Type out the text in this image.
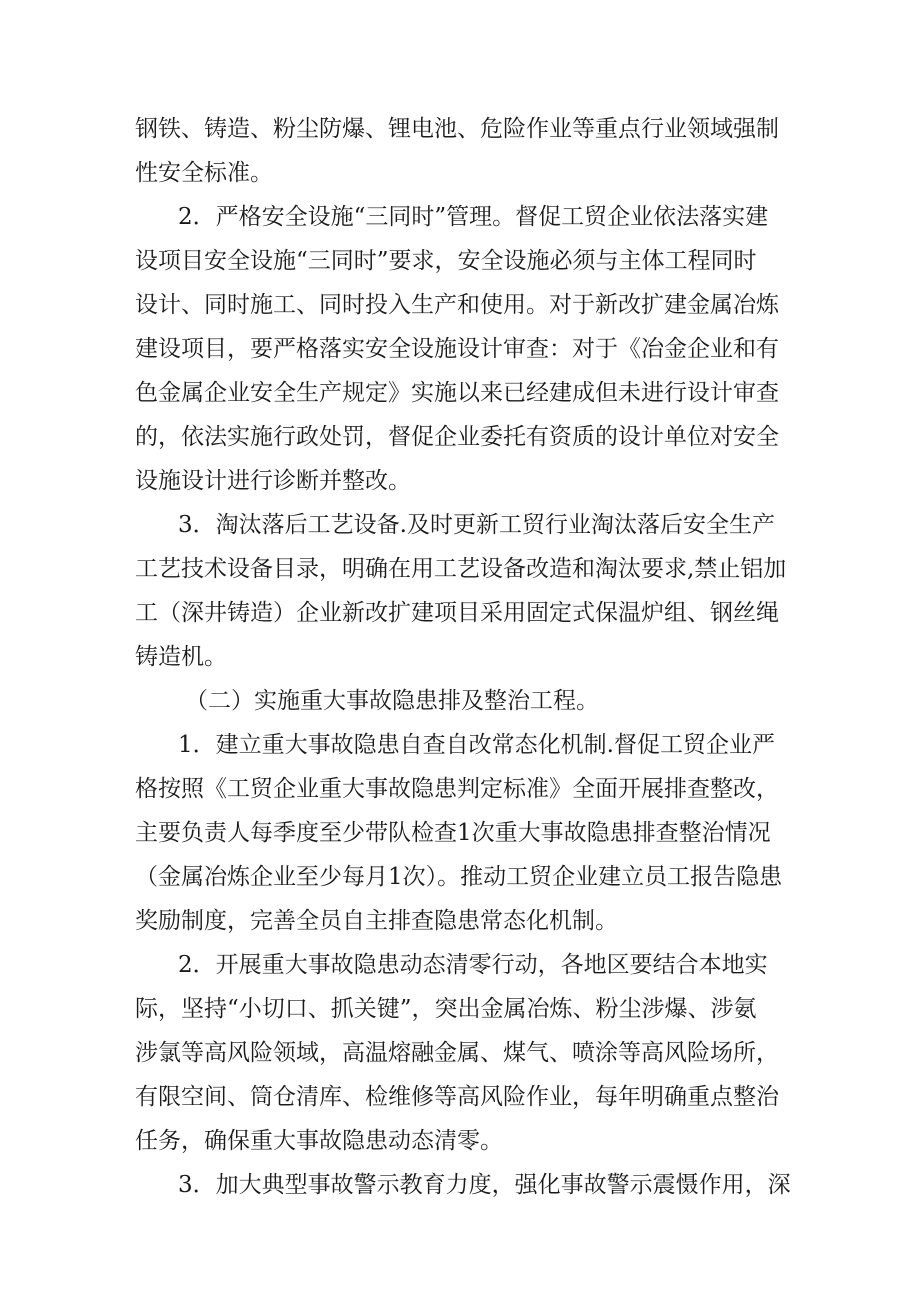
钢铁、铸造、粉尘防爆、锂电池、危险作业等重点行业领域强制

性安全标准。

2．严格安全设施“三同时”管理。督促工贸企业依法落实建

设项目安全设施“三同时”要求，安全设施必须与主体工程同时

设计、同时施工、同时投入生产和使用。对于新改扩建金属冶炼

建设项目，要严格落实安全设施设计审查：对于《冶金企业和有

色金属企业安全生产规定》实施以来已经建成但未进行设计审查

的，依法实施行政处罚，督促企业委托有资质的设计单位对安全

设施设计进行诊断并整改。

3．淘汰落后工艺设备.及时更新工贸行业淘汰落后安全生产

工艺技术设备目录，明确在用工艺设备改造和淘汰要求,禁止铝加

工（深井铸造）企业新改扩建项目采用固定式保温炉组、钢丝绳

铸造机。

（二）实施重大事故隐患排及整治工程。

1．建立重大事故隐患自查自改常态化机制.督促工贸企业严

格按照《工贸企业重大事故隐患判定标准》全面开展排查整改，

主要负责人每季度至少带队检查1次重大事故隐患排查整治情况

（金属冶炼企业至少每月1次）。推动工贸企业建立员工报告隐患

奖励制度，完善全员自主排查隐患常态化机制。

2．开展重大事故隐患动态清零行动，各地区要结合本地实

际，坚持“小切口、抓关键”，突出金属冶炼、粉尘涉爆、涉氨

涉氯等高风险领域，高温熔融金属、煤气、喷涂等高风险场所，

有限空间、筒仓清库、检维修等高风险作业，每年明确重点整治

任务，确保重大事故隐患动态清零。

3．加大典型事故警示教育力度，强化事故警示震慑作用，深
